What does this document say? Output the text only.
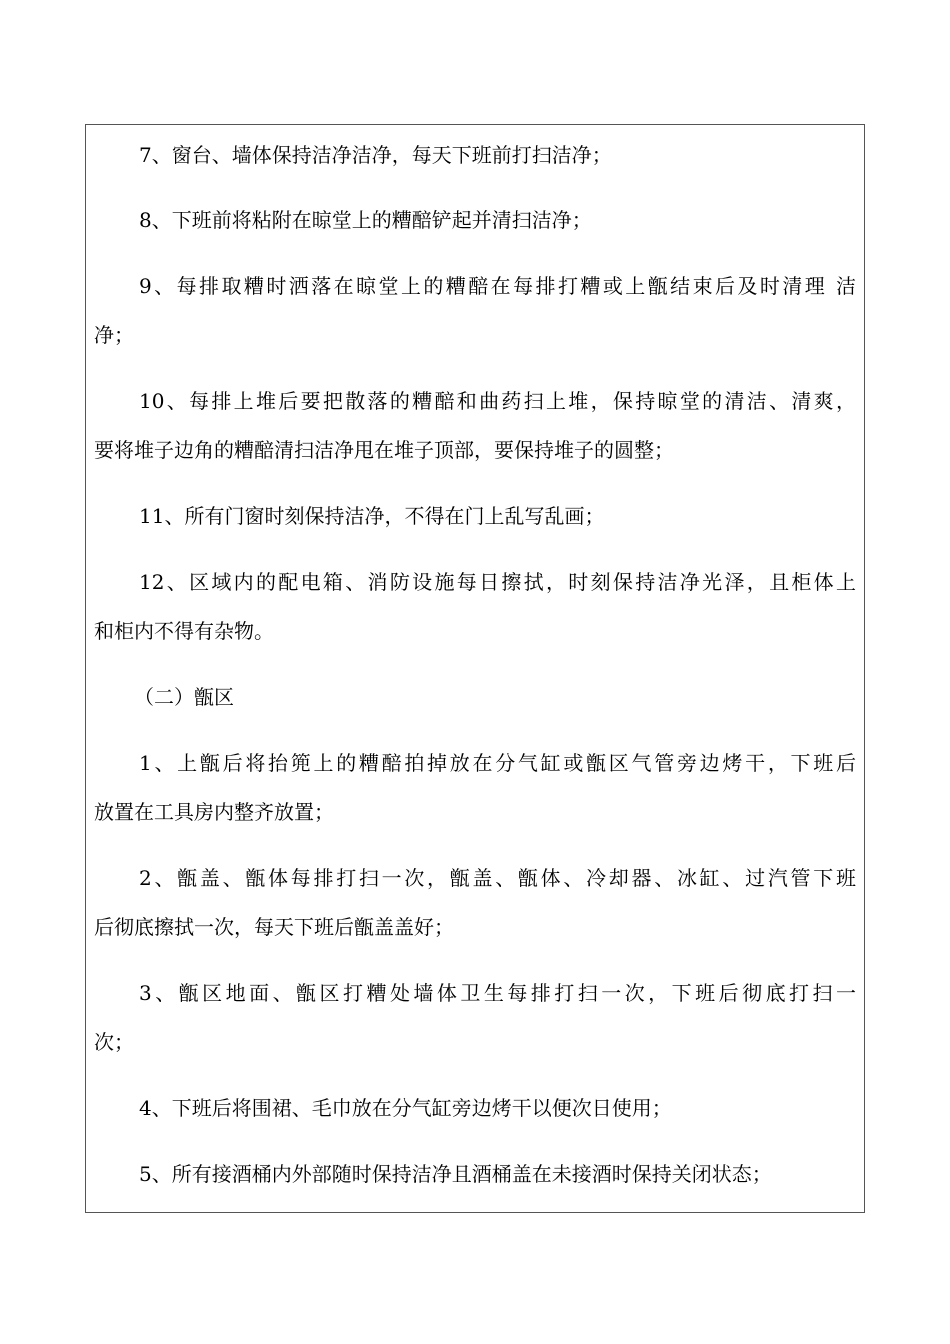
7、窗台、墙体保持洁净洁净，每天下班前打扫洁净；
8、下班前将粘附在晾堂上的糟醅铲起并清扫洁净；
9、每排取糟时洒落在晾堂上的糟醅在每排打糟或上甑结束后及时清理 洁
净；
10、每排上堆后要把散落的糟醅和曲药扫上堆，保持晾堂的清洁、清爽，
要将堆子边角的糟醅清扫洁净甩在堆子顶部，要保持堆子的圆整；
11、所有门窗时刻保持洁净，不得在门上乱写乱画；
12、区域内的配电箱、消防设施每日擦拭，时刻保持洁净光泽，且柜体上
和柜内不得有杂物。
（二）甑区
1、上甑后将抬篼上的糟醅拍掉放在分气缸或甑区气管旁边烤干，下班后
放置在工具房内整齐放置；
2、甑盖、甑体每排打扫一次，甑盖、甑体、冷却器、冰缸、过汽管下班
后彻底擦拭一次，每天下班后甑盖盖好；
3、甑区地面、甑区打糟处墙体卫生每排打扫一次，下班后彻底打扫一
次；
4、下班后将围裙、毛巾放在分气缸旁边烤干以便次日使用；
5、所有接酒桶内外部随时保持洁净且酒桶盖在未接酒时保持关闭状态；
